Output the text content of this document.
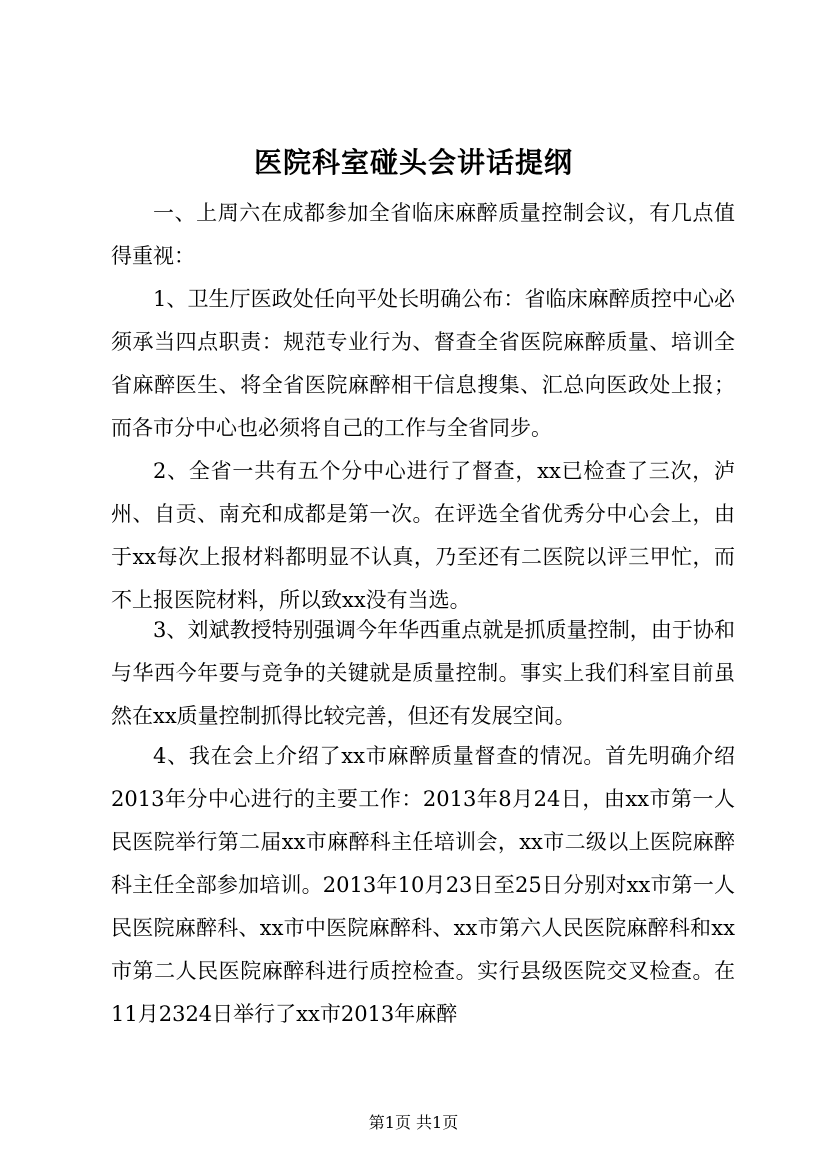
医院科室碰头会讲话提纲

一、上周六在成都参加全省临床麻醉质量控制会议，有几点值得重视：

1、卫生厅医政处任向平处长明确公布：省临床麻醉质控中心必须承当四点职责：规范专业行为、督查全省医院麻醉质量、培训全省麻醉医生、将全省医院麻醉相干信息搜集、汇总向医政处上报；而各市分中心也必须将自己的工作与全省同步。

2、全省一共有五个分中心进行了督查，xx已检查了三次，泸州、自贡、南充和成都是第一次。在评选全省优秀分中心会上，由于xx每次上报材料都明显不认真，乃至还有二医院以评三甲忙，而不上报医院材料，所以致xx没有当选。

3、刘斌教授特别强调今年华西重点就是抓质量控制，由于协和与华西今年要与竞争的关键就是质量控制。事实上我们科室目前虽然在xx质量控制抓得比较完善，但还有发展空间。

4、我在会上介绍了xx市麻醉质量督查的情况。首先明确介绍2013年分中心进行的主要工作：2013年8月24日，由xx市第一人民医院举行第二届xx市麻醉科主任培训会，xx市二级以上医院麻醉科主任全部参加培训。2013年10月23日至25日分别对xx市第一人民医院麻醉科、xx市中医院麻醉科、xx市第六人民医院麻醉科和xx市第二人民医院麻醉科进行质控检查。实行县级医院交叉检查。在11月2324日举行了xx市2013年麻醉

第1页 共1页
